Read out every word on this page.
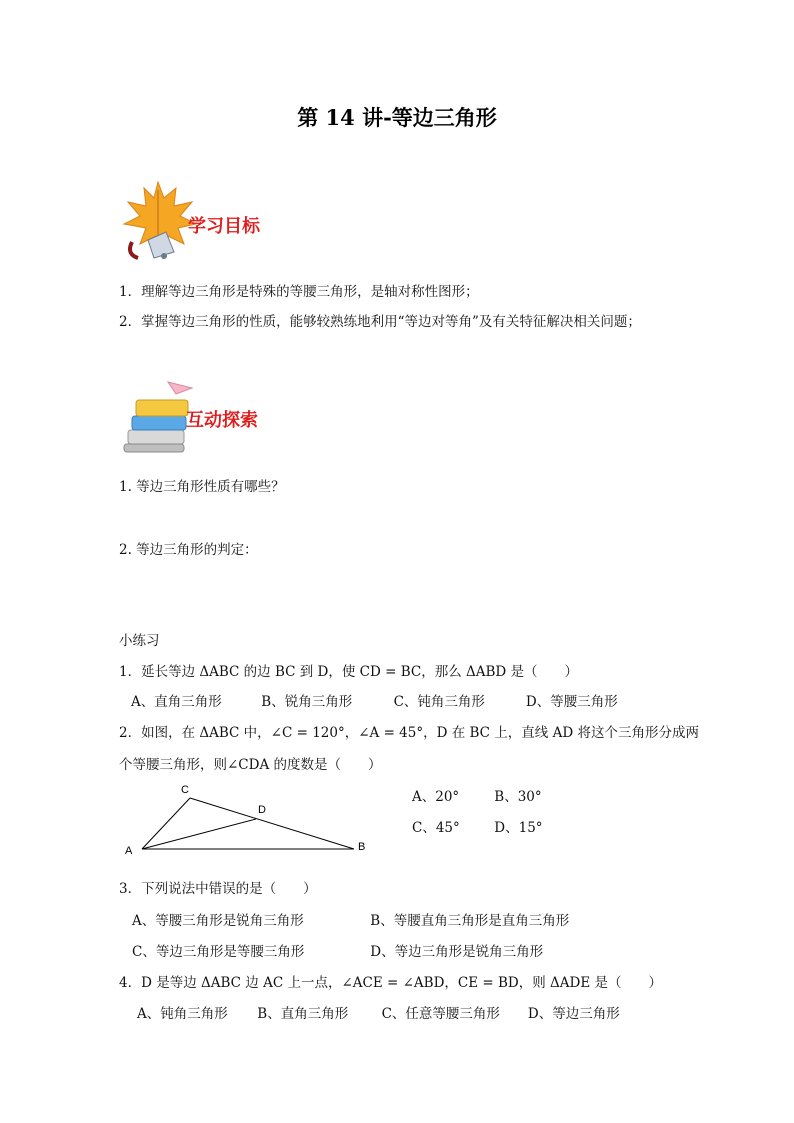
第 14 讲-等边三角形
学习目标
1．理解等边三角形是特殊的等腰三角形，是轴对称性图形；
2．掌握等边三角形的性质，能够较熟练地利用“等边对等角”及有关特征解决相关问题；
互动探索
1. 等边三角形性质有哪些？
2. 等边三角形的判定：
小练习
1．延长等边 ΔABC 的边 BC 到 D，使 CD = BC，那么 ΔABD 是（　　）
A、直角三角形	B、锐角三角形	C、钝角三角形	D、等腰三角形
2．如图，在 ΔABC 中，∠C = 120°，∠A = 45°，D 在 BC 上，直线 AD 将这个三角形分成两
个等腰三角形，则∠CDA 的度数是（　　）
A	B
C
D
A、20°	B、30°
C、45°	D、15°
3．下列说法中错误的是（　　）
A、等腰三角形是锐角三角形	B、等腰直角三角形是直角三角形
C、等边三角形是等腰三角形	D、等边三角形是锐角三角形
4．D 是等边 ΔABC 边 AC 上一点，∠ACE = ∠ABD，CE = BD，则 ΔADE 是（　　）
A、钝角三角形 B、直角三角形 C、任意等腰三角形 D、等边三角形
